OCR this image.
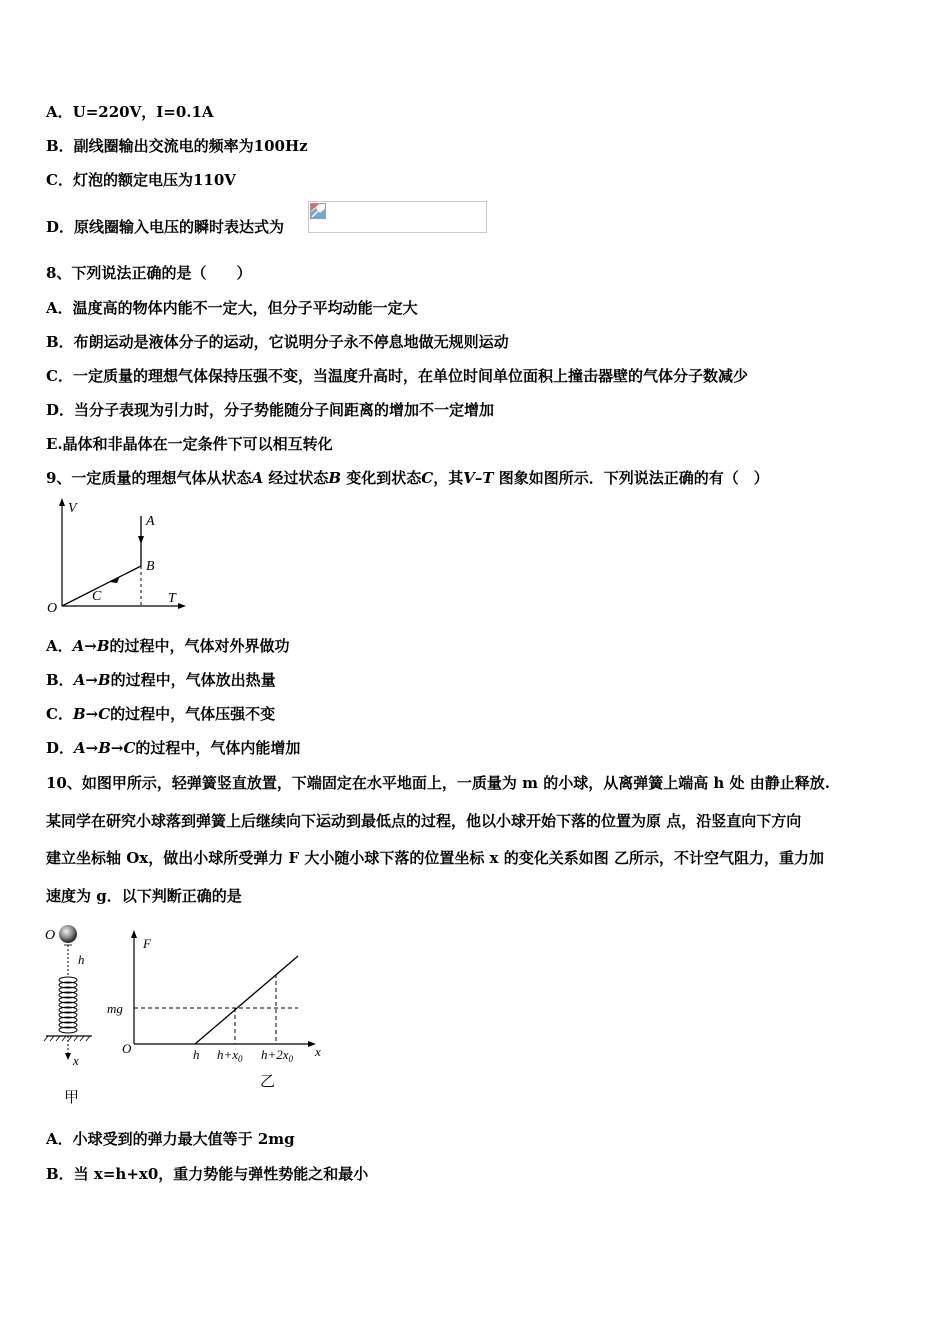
A．U=220V，I=0.1A
B．副线圈输出交流电的频率为100Hz
C．灯泡的额定电压为110V
D．原线圈输入电压的瞬时表达式为
8、下列说法正确的是（　　）
A．温度高的物体内能不一定大，但分子平均动能一定大
B．布朗运动是液体分子的运动，它说明分子永不停息地做无规则运动
C．一定质量的理想气体保持压强不变，当温度升高时，在单位时间单位面积上撞击器壁的气体分子数减少
D．当分子表现为引力时，分子势能随分子间距离的增加不一定增加
E.晶体和非晶体在一定条件下可以相互转化
9、一定质量的理想气体从状态A 经过状态B 变化到状态C，其V–T 图象如图所示．下列说法正确的有（　）
V
T
O
A
B
C
A．A→B的过程中，气体对外界做功
B．A→B的过程中，气体放出热量
C．B→C的过程中，气体压强不变
D．A→B→C的过程中，气体内能增加
10、如图甲所示，轻弹簧竖直放置，下端固定在水平地面上，一质量为 m 的小球，从离弹簧上端高 h 处 由静止释放.
某同学在研究小球落到弹簧上后继续向下运动到最低点的过程，他以小球开始下落的位置为原 点，沿竖直向下方向
建立坐标轴 Ox，做出小球所受弹力 F 大小随小球下落的位置坐标 x 的变化关系如图 乙所示，不计空气阻力，重力加
速度为 g．以下判断正确的是
O
h
x
甲
F
x
O
mg
h $h+x_0$ $h+2x_0$
乙
A．小球受到的弹力最大值等于 2mg
B．当 x=h+x0，重力势能与弹性势能之和最小
